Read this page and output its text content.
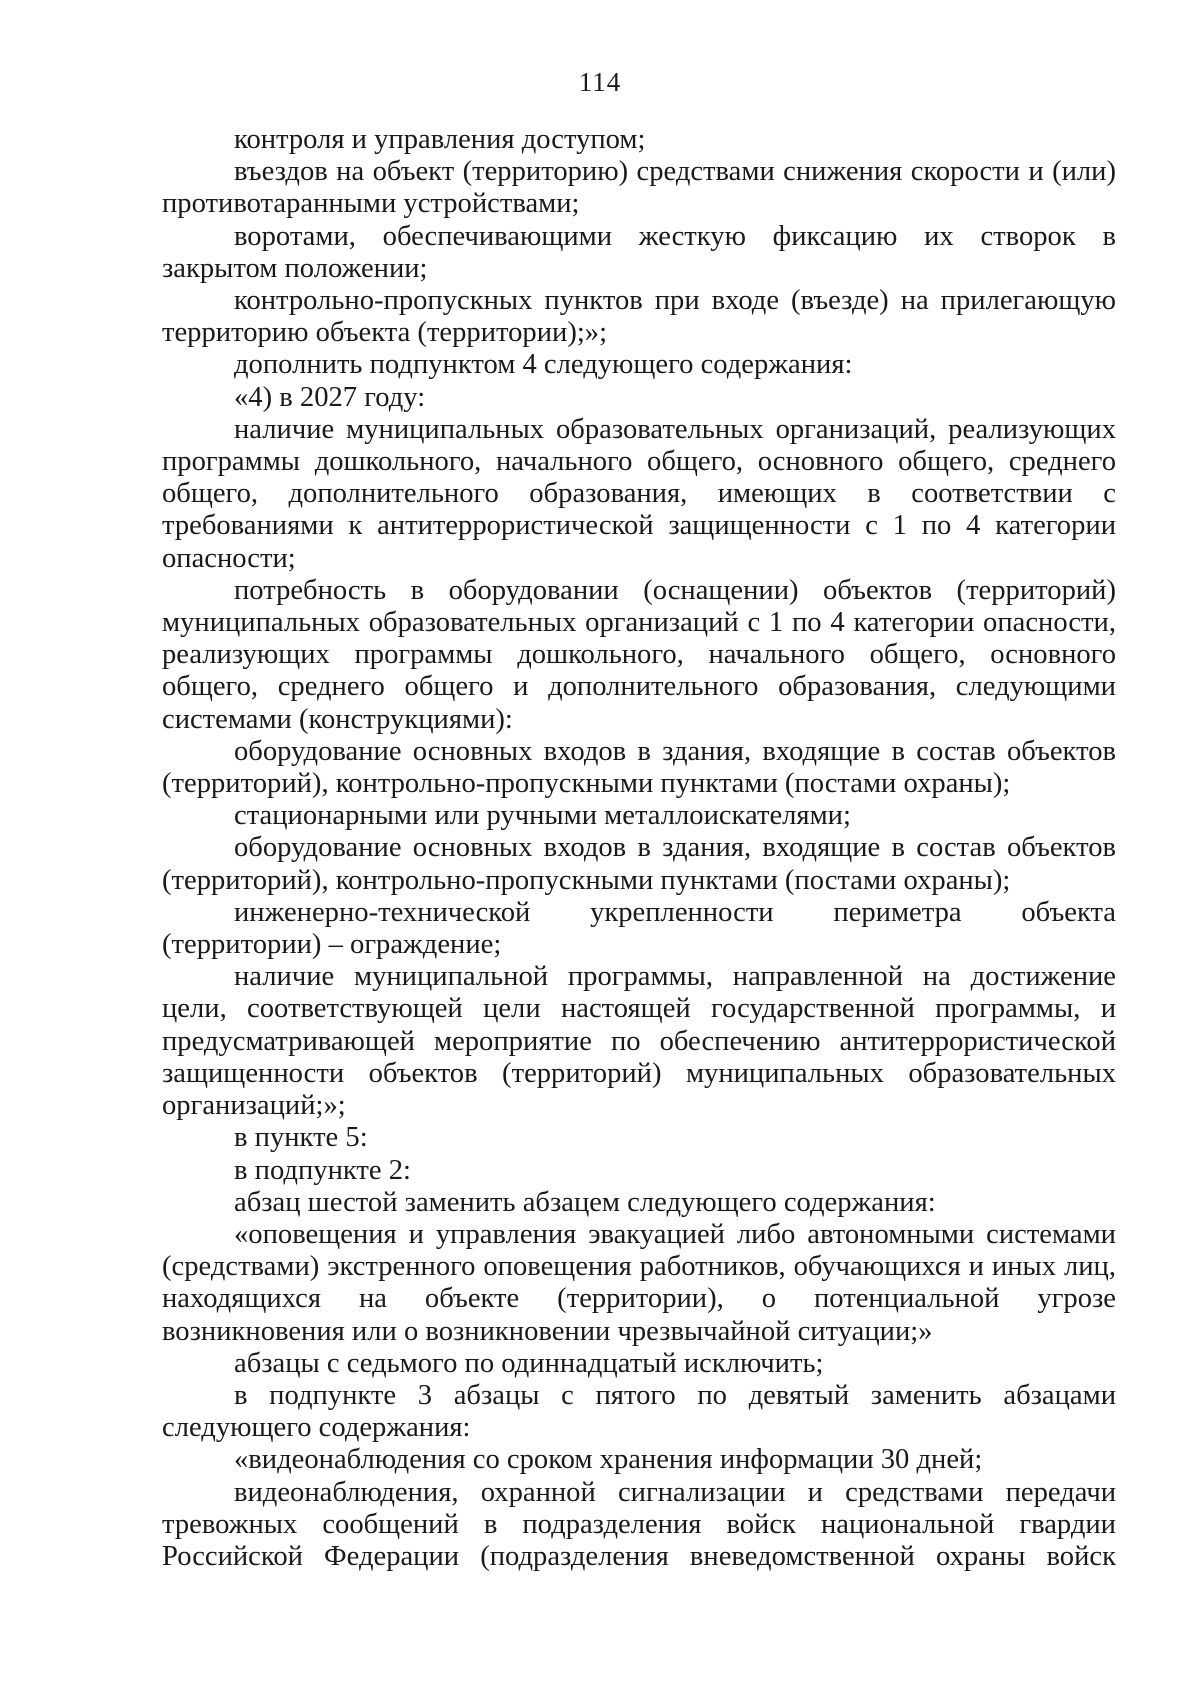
114

контроля и управления доступом;

въездов на объект (территорию) средствами снижения скорости и (или) противотаранными устройствами;

воротами, обеспечивающими жесткую фиксацию их створок в закрытом положении;

контрольно-пропускных пунктов при входе (въезде) на прилегающую территорию объекта (территории);»;

дополнить подпунктом 4 следующего содержания:

«4) в 2027 году:

наличие муниципальных образовательных организаций, реализующих программы дошкольного, начального общего, основного общего, среднего общего, дополнительного образования, имеющих в соответствии с требованиями к антитеррористической защищенности с 1 по 4 категории опасности;

потребность в оборудовании (оснащении) объектов (территорий) муниципальных образовательных организаций с 1 по 4 категории опасности, реализующих программы дошкольного, начального общего, основного общего, среднего общего и дополнительного образования, следующими системами (конструкциями):

оборудование основных входов в здания, входящие в состав объектов (территорий), контрольно-пропускными пунктами (постами охраны);

стационарными или ручными металлоискателями;

оборудование основных входов в здания, входящие в состав объектов (территорий), контрольно-пропускными пунктами (постами охраны);

инженерно-технической укрепленности периметра объекта (территории) – ограждение;

наличие муниципальной программы, направленной на достижение цели, соответствующей цели настоящей государственной программы, и предусматривающей мероприятие по обеспечению антитеррористической защищенности объектов (территорий) муниципальных образовательных организаций;»;

в пункте 5:

в подпункте 2:

абзац шестой заменить абзацем следующего содержания:

«оповещения и управления эвакуацией либо автономными системами (средствами) экстренного оповещения работников, обучающихся и иных лиц, находящихся на объекте (территории), о потенциальной угрозе возникновения или о возникновении чрезвычайной ситуации;»

абзацы с седьмого по одиннадцатый исключить;

в подпункте 3 абзацы с пятого по девятый заменить абзацами следующего содержания:

«видеонаблюдения со сроком хранения информации 30 дней;

видеонаблюдения, охранной сигнализации и средствами передачи тревожных сообщений в подразделения войск национальной гвардии Российской Федерации (подразделения вневедомственной охраны войск
